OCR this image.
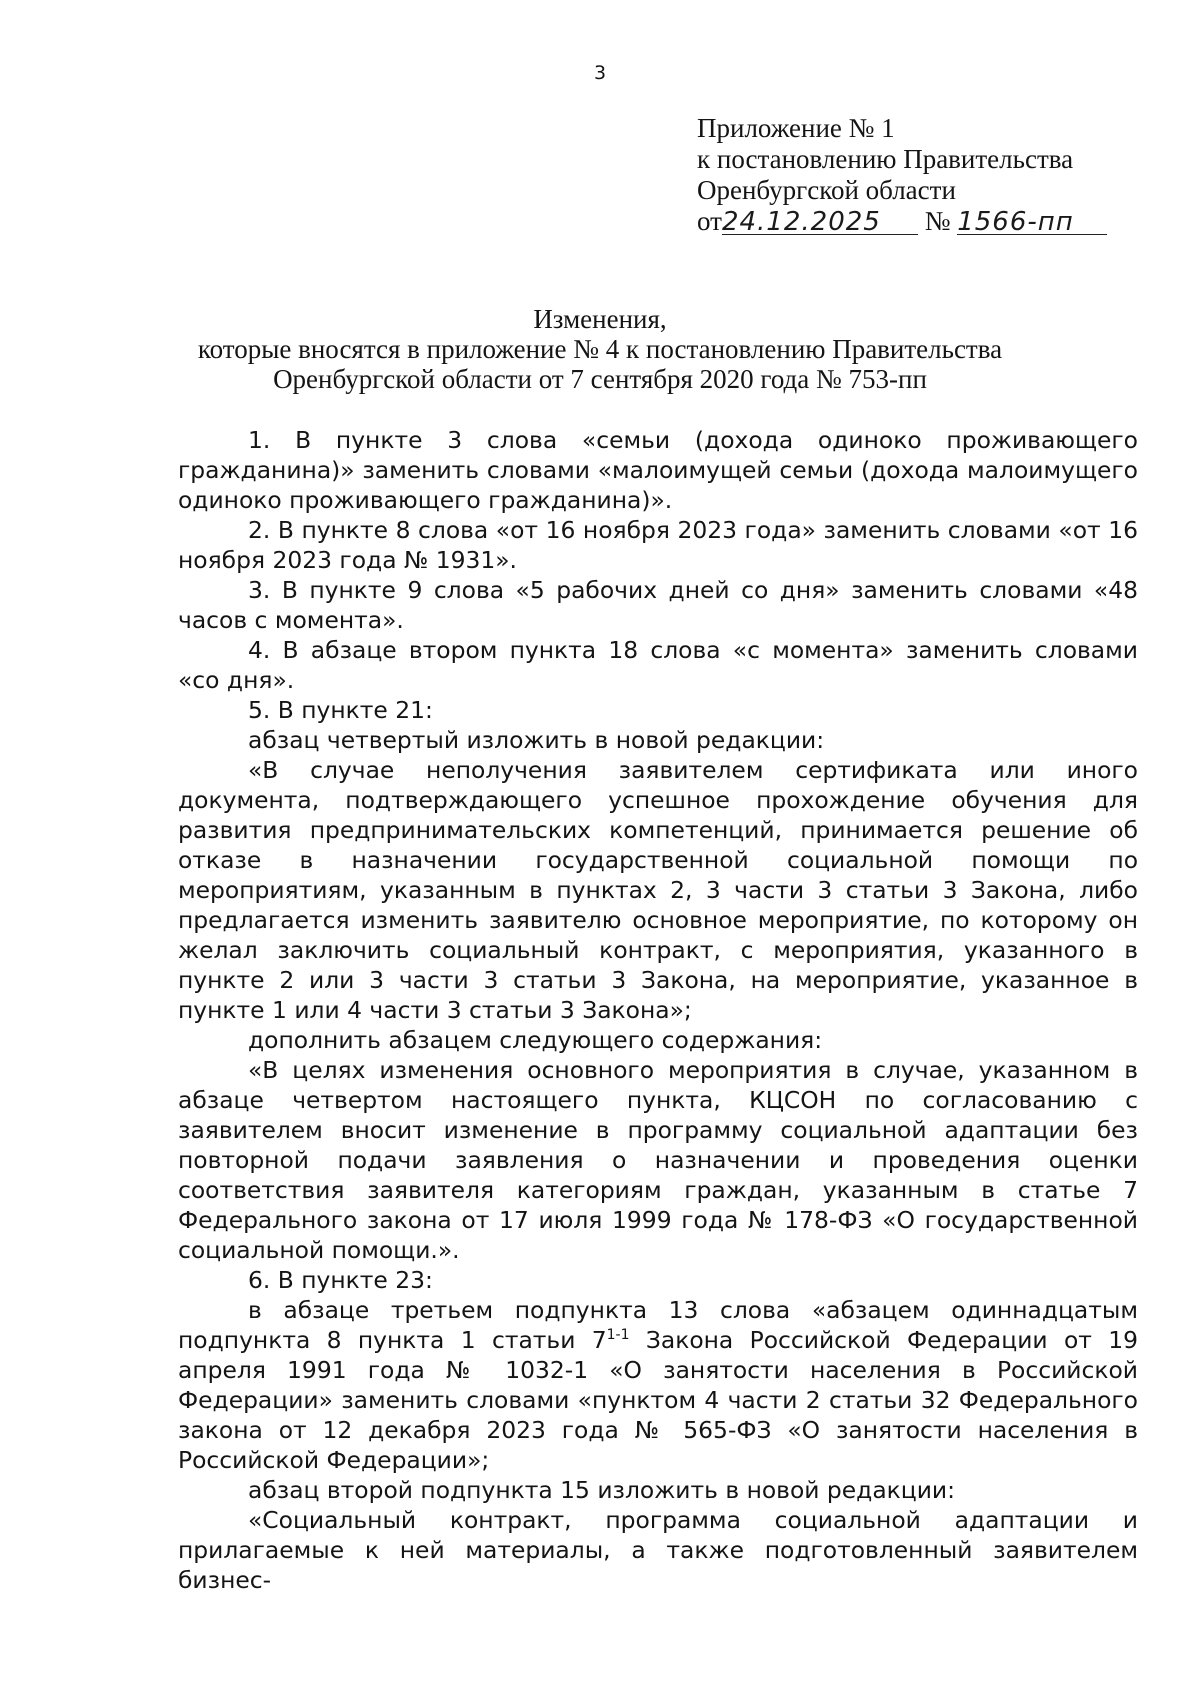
3
Приложение № 1
к постановлению Правительства
Оренбургской области
от24.12.2025 № 1566-пп
Изменения,
которые вносятся в приложение № 4 к постановлению Правительства
Оренбургской области от 7 сентября 2020 года № 753-пп

1. В пункте 3 слова «семьи (дохода одиноко проживающего гражданина)» заменить словами «малоимущей семьи (дохода малоимущего одиноко проживающего гражданина)».

2. В пункте 8 слова «от 16 ноября 2023 года» заменить словами «от 16 ноября 2023 года № 1931».

3. В пункте 9 слова «5 рабочих дней со дня» заменить словами «48 часов с момента».

4. В абзаце втором пункта 18 слова «с момента» заменить словами «со дня».

5. В пункте 21:

абзац четвертый изложить в новой редакции:

«В случае неполучения заявителем сертификата или иного документа, подтверждающего успешное прохождение обучения для развития предпринимательских компетенций, принимается решение об отказе в назначении государственной социальной помощи по мероприятиям, указанным в пунктах 2, 3 части 3 статьи 3 Закона, либо предлагается изменить заявителю основное мероприятие, по которому он желал заключить социальный контракт, с мероприятия, указанного в пункте 2 или 3 части 3 статьи 3 Закона, на мероприятие, указанное в пункте 1 или 4 части 3 статьи 3 Закона»;

дополнить абзацем следующего содержания:

«В целях изменения основного мероприятия в случае, указанном в абзаце четвертом настоящего пункта, КЦСОН по согласованию с заявителем вносит изменение в программу социальной адаптации без повторной подачи заявления о назначении и проведения оценки соответствия заявителя категориям граждан, указанным в статье 7 Федерального закона от 17 июля 1999 года № 178-ФЗ «О государственной социальной помощи.».

6. В пункте 23:

в абзаце третьем подпункта 13 слова «абзацем одиннадцатым подпункта 8 пункта 1 статьи 7$^{1-1}$ Закона Российской Федерации от 19 апреля 1991 года № 1032-1 «О занятости населения в Российской Федерации» заменить словами «пунктом 4 части 2 статьи 32 Федерального закона от 12 декабря 2023 года № 565-ФЗ «О занятости населения в Российской Федерации»;

абзац второй подпункта 15 изложить в новой редакции:

«Социальный контракт, программа социальной адаптации и прилагаемые к ней материалы, а также подготовленный заявителем бизнес-
